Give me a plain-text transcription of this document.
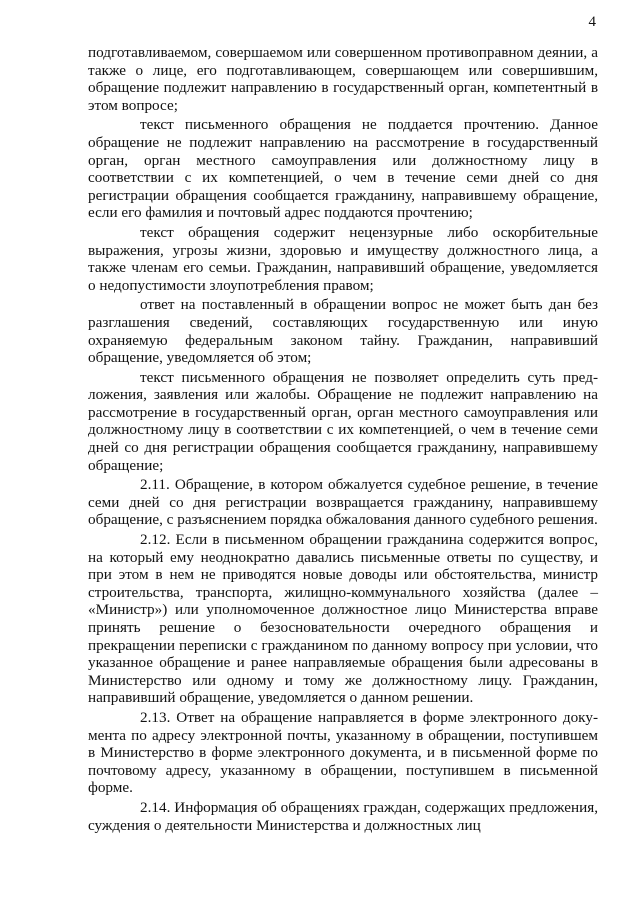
4

подготавливаемом, совершаемом или совершенном противоправном деянии, а также о лице, его подготавливающем, совершающем или совершившим, обращение подлежит направлению в государственный орган, компетентный в этом вопросе;

текст письменного обращения не поддается прочтению. Данное обращение не подлежит направлению на рассмотрение в государственный орган, орган местного самоуправления или должностному лицу в соответствии с их компетенцией, о чем в течение семи дней со дня регистрации обращения сообщается гражданину, направившему обращение, если его фамилия и почтовый адрес поддаются прочтению;

текст обращения содержит нецензурные либо оскорбительные выражения, угрозы жизни, здоровью и имуществу должностного лица, а также членам его семьи. Гражданин, направивший обращение, уведомляется о недопустимости злоупотребления правом;

ответ на поставленный в обращении вопрос не может быть дан без разглашения сведений, составляющих государственную или иную охраняемую федеральным законом тайну. Гражданин, направивший обращение, уведомляется об этом;

текст письменного обращения не позволяет определить суть предложения, заявления или жалобы. Обращение не подлежит направлению на рассмотрение в государственный орган, орган местного самоуправления или должностному лицу в соответствии с их компетенцией, о чем в течение семи дней со дня регистрации обращения сообщается гражданину, направившему обращение;

2.11. Обращение, в котором обжалуется судебное решение, в течение семи дней со дня регистрации возвращается гражданину, направившему обращение, с разъяснением порядка обжалования данного судебного решения.

2.12. Если в письменном обращении гражданина содержится вопрос, на который ему неоднократно давались письменные ответы по существу, и при этом в нем не приводятся новые доводы или обстоятельства, министр строительства, транспорта, жилищно-коммунального хозяйства (далее – «Министр») или уполномоченное должностное лицо Министерства вправе принять решение о безосновательности очередного обращения и прекращении переписки с гражданином по данному вопросу при условии, что указанное обращение и ранее направляемые обращения были адресованы в Министерство или одному и тому же должностному лицу. Гражданин, направивший обращение, уведомляется о данном решении.

2.13. Ответ на обращение направляется в форме электронного документа по адресу электронной почты, указанному в обращении, поступившем в Министерство в форме электронного документа, и в письменной форме по почтовому адресу, указанному в обращении, поступившем в письменной форме.

2.14. Информация об обращениях граждан, содержащих предложения, суждения о деятельности Министерства и должностных лиц
